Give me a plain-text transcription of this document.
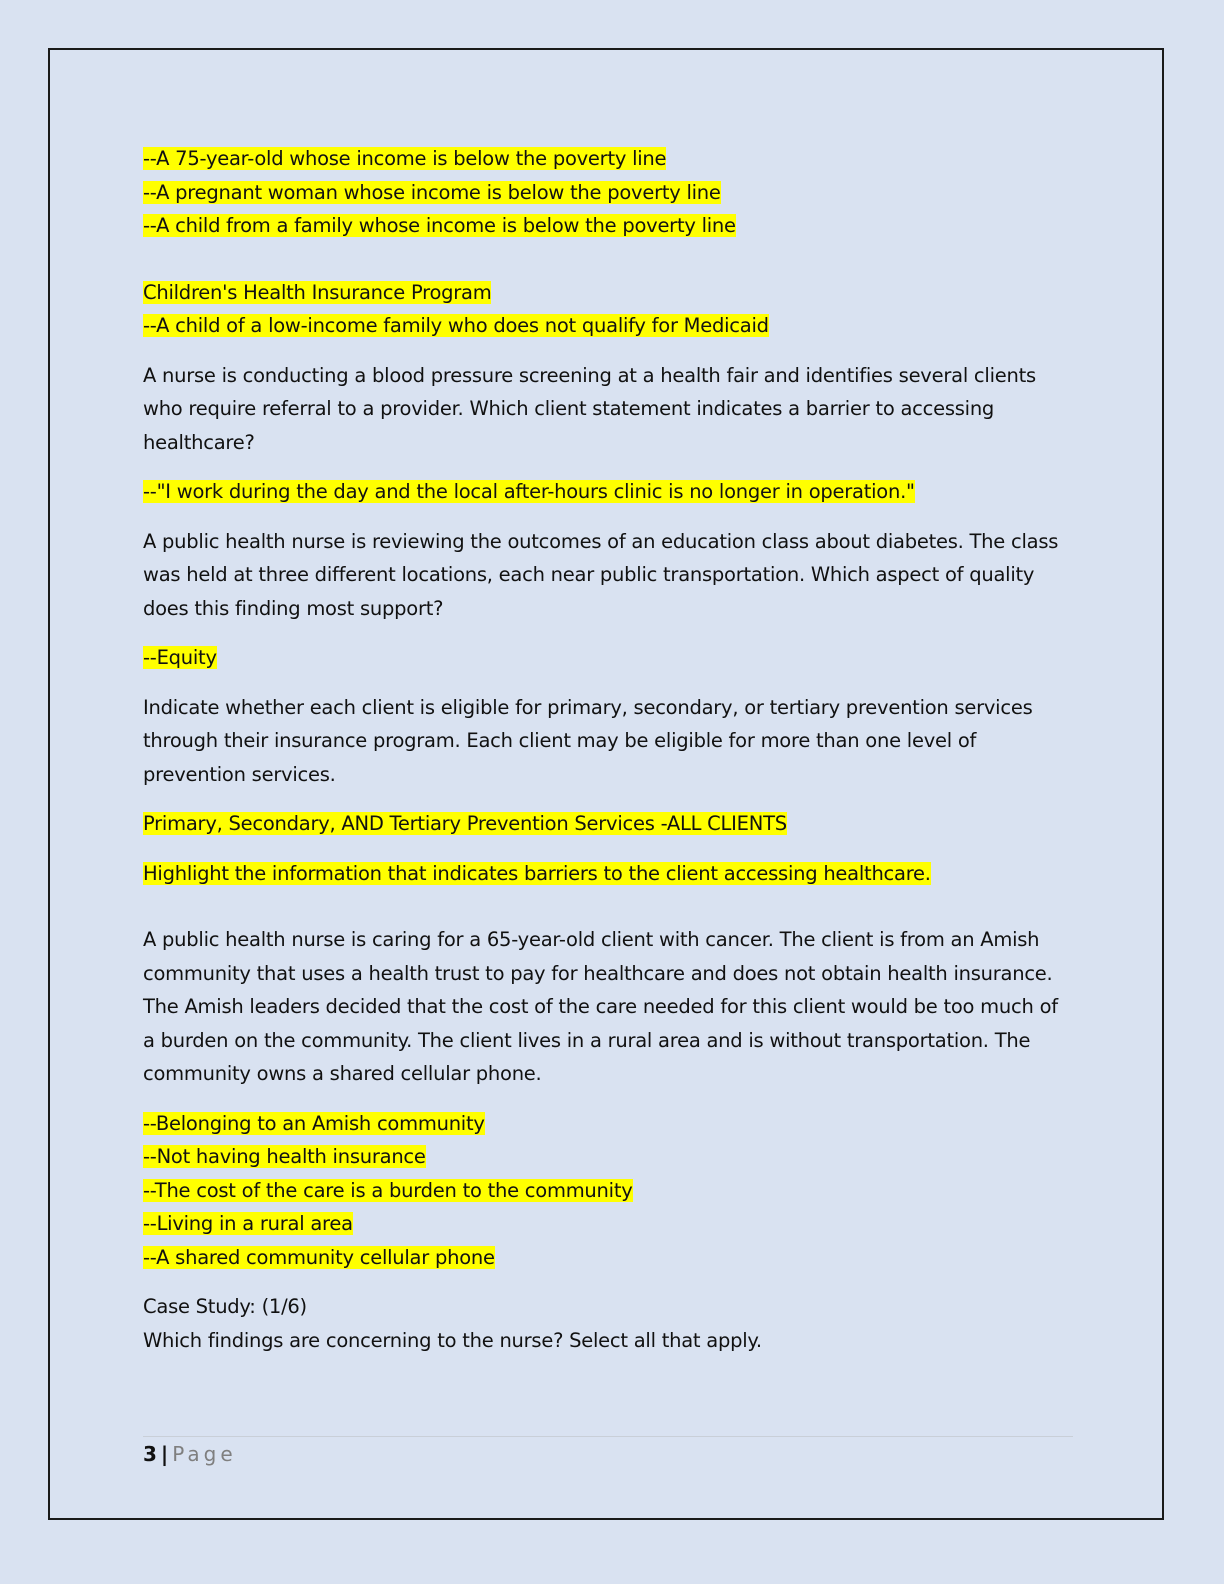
--A 75-year-old whose income is below the poverty line
--A pregnant woman whose income is below the poverty line
--A child from a family whose income is below the poverty line
Children's Health Insurance Program
--A child of a low-income family who does not qualify for Medicaid
A nurse is conducting a blood pressure screening at a health fair and identifies several clients
who require referral to a provider. Which client statement indicates a barrier to accessing
healthcare?
--"I work during the day and the local after-hours clinic is no longer in operation."
A public health nurse is reviewing the outcomes of an education class about diabetes. The class
was held at three different locations, each near public transportation. Which aspect of quality
does this finding most support?
--Equity
Indicate whether each client is eligible for primary, secondary, or tertiary prevention services
through their insurance program. Each client may be eligible for more than one level of
prevention services.
Primary, Secondary, AND Tertiary Prevention Services -ALL CLIENTS
Highlight the information that indicates barriers to the client accessing healthcare.
A public health nurse is caring for a 65-year-old client with cancer. The client is from an Amish
community that uses a health trust to pay for healthcare and does not obtain health insurance.
The Amish leaders decided that the cost of the care needed for this client would be too much of
a burden on the community. The client lives in a rural area and is without transportation. The
community owns a shared cellular phone.
--Belonging to an Amish community
--Not having health insurance
--The cost of the care is a burden to the community
--Living in a rural area
--A shared community cellular phone
Case Study: (1/6)
Which findings are concerning to the nurse? Select all that apply.
3 | Page
